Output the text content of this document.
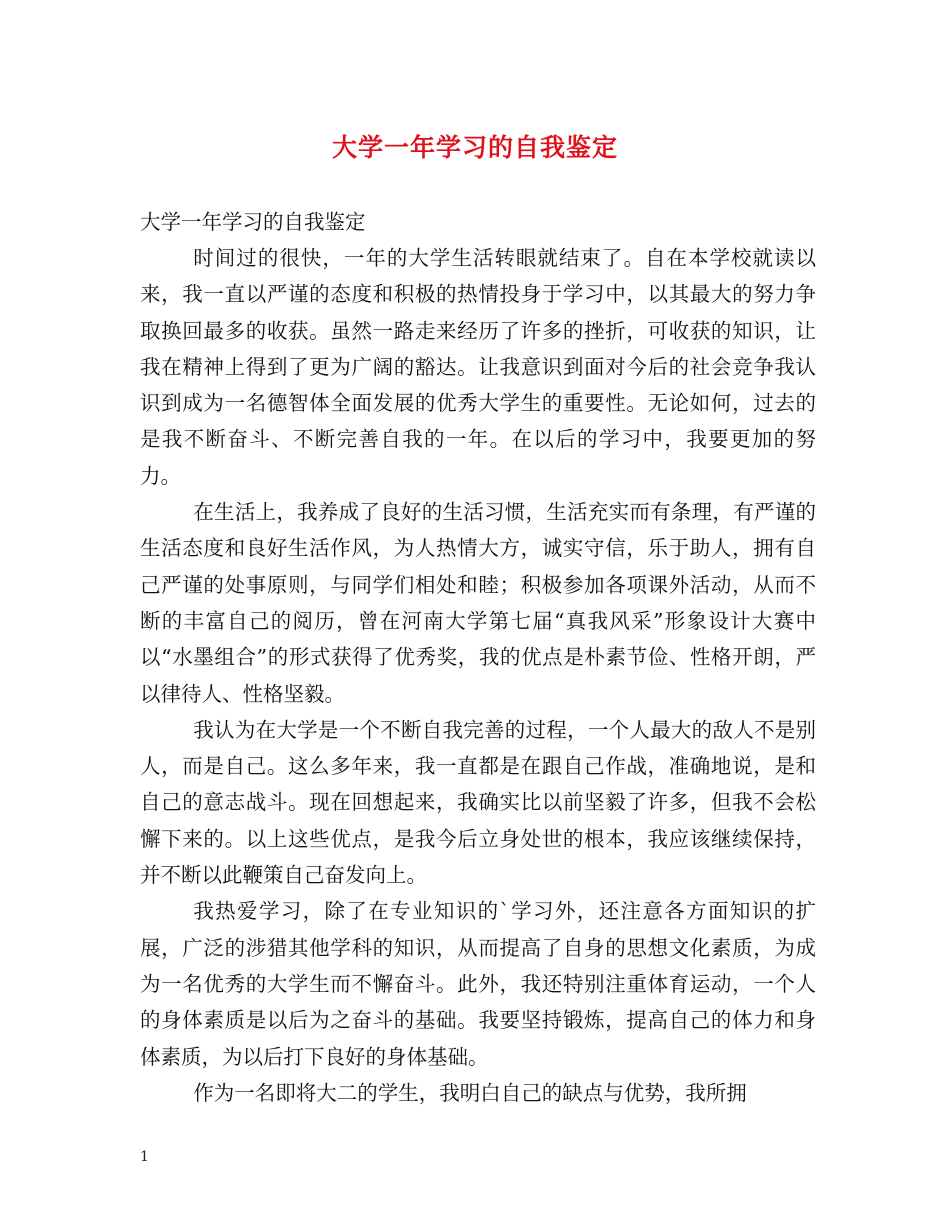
大学一年学习的自我鉴定

大学一年学习的自我鉴定

时间过的很快，一年的大学生活转眼就结束了。自在本学校就读以来，我一直以严谨的态度和积极的热情投身于学习中，以其最大的努力争取换回最多的收获。虽然一路走来经历了许多的挫折，可收获的知识，让我在精神上得到了更为广阔的豁达。让我意识到面对今后的社会竞争我认识到成为一名德智体全面发展的优秀大学生的重要性。无论如何，过去的是我不断奋斗、不断完善自我的一年。在以后的学习中，我要更加的努力。

在生活上，我养成了良好的生活习惯，生活充实而有条理，有严谨的生活态度和良好生活作风，为人热情大方，诚实守信，乐于助人，拥有自己严谨的处事原则，与同学们相处和睦；积极参加各项课外活动，从而不断的丰富自己的阅历，曾在河南大学第七届“真我风采”形象设计大赛中以“水墨组合”的形式获得了优秀奖，我的优点是朴素节俭、性格开朗，严以律待人、性格坚毅。

我认为在大学是一个不断自我完善的过程，一个人最大的敌人不是别人，而是自己。这么多年来，我一直都是在跟自己作战，准确地说，是和自己的意志战斗。现在回想起来，我确实比以前坚毅了许多，但我不会松懈下来的。以上这些优点，是我今后立身处世的根本，我应该继续保持，并不断以此鞭策自己奋发向上。

我热爱学习，除了在专业知识的`学习外，还注意各方面知识的扩展，广泛的涉猎其他学科的知识，从而提高了自身的思想文化素质，为成为一名优秀的大学生而不懈奋斗。此外，我还特别注重体育运动，一个人的身体素质是以后为之奋斗的基础。我要坚持锻炼，提高自己的体力和身体素质，为以后打下良好的身体基础。

作为一名即将大二的学生，我明白自己的缺点与优势，我所拥

1
